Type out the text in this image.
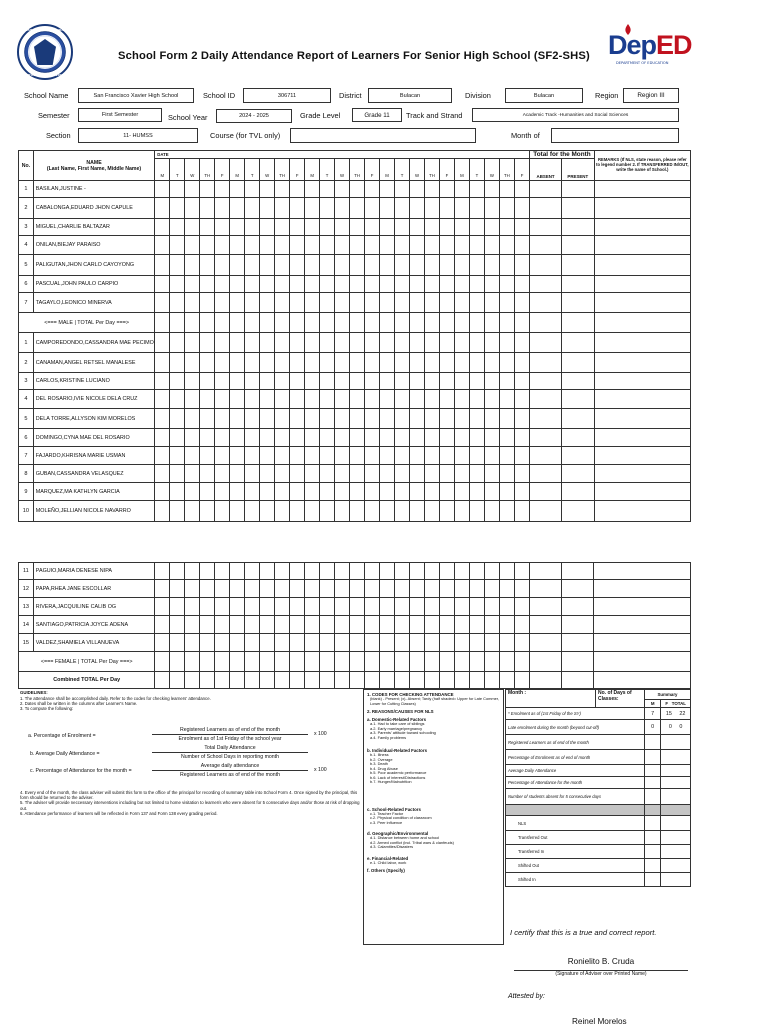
KAGAWARAN NG EDUKASYON
REPUBLIKA NG PILIPINAS
School Form 2 Daily Attendance Report of Learners For Senior High School (SF2-SHS) DepED
DEPARTMENT OF EDUCATION
School Name	San Francisco Xavier High School	School ID	306711	District	Bulacan	Division	Bulacan	Region	Region III
Semester	First Semester	School Year	2024 - 2025	Grade Level	Grade 11	Track and Strand	Academic Track -Humanities and Social Sciences
Section	11- HUMSS	Course (for TVL only)	Month of
No.	NAME
(Last Name, First Name, Middle Name)	DATE																									Total for the Month		REMARKS (If NLS, state reason, please refer to legend number 2. If TRANSFERRED IN/OUT, write the name of School.)
		M	T	W	TH	F	M	T	W	TH	F	M	T	W	TH	F	M	T	W	TH	F	M	T	W	TH	F	ABSENT	PRESENT	
1	BASILAN,JUSTINE -																												
2	CABALONGA,EDUARD JHON CAPULE																												
3	MIGUEL,CHARLIE BALTAZAR																												
4	ONILAN,BIEJAY PARAISO																												
5	PALIGUTAN,JHON CARLO CAYOYONG																												
6	PASCUAL,JOHN PAULO CARPIO																												
7	TAGAYLO,LEONICO MINERVA																												
<=== MALE | TOTAL Per Day ===>																													
1	CAMPOREDONDO,CASSANDRA MAE PECIMO																												
2	CANAMAN,ANGEL RETSEL MANALESE																												
3	CARLOS,KRISTINE LUCIANO																												
4	DEL ROSARIO,IVIE NICOLE DELA CRUZ																												
5	DELA TORRE,ALLYSON KIM MORELOS																												
6	DOMINGO,CYNA MAE DEL ROSARIO																												
7	FAJARDO,KHRISNA MARIE USMAN																												
8	GUBAN,CASSANDRA VELASQUEZ																												
9	MARQUEZ,MA KATHLYN GARCIA																												
10	MOLEÑO,JELLIAN NICOLE NAVARRO																												
11	PAGUIO,MARIA DENESE NIPA																												
12	PAPA,RHEA JANE ESCOLLAR																												
13	RIVERA,JACQUILINE CALIB OG																												
14	SANTIAGO,PATRICIA JOYCE ADENA																												
15	VALDEZ,SHAMIELA VILLANUEVA																												
<=== FEMALE | TOTAL Per Day ===>																													
Combined TOTAL Per Day																													
GUIDELINES:
1. The attendance shall be accomplished daily. Refer to the codes for checking learners' attendance.
2. Dates shall be written in the columns after Learner's Name.
3. To compute the following:
a. Percentage of Enrolment =
Registered Learners as of end of the month
Enrolment as of 1st Friday of the school year
x 100
b. Average Daily Attendance =
Total Daily Attendance
Number of School Days in reporting month
c. Percentage of Attendance for the month =
Average daily attendance
Registered Learners as of end of the month
x 100
4. Every end of the month, the class adviser will submit this form to the office of the principal for recording of summary table into School Form 4. Once signed by the principal, this form should be returned to the adviser.
5. The adviser will provide neccessary interventions including but not limited to home visitation to learner/s who were absent for 5 consecutive days and/or those at risk of dropping out.
6. Attendance performance of learners will be reflected in Form 137 and Form 138 every grading period.
1. CODES FOR CHECKING ATTENDANCE
(blank) - Present; (x)- Absent; Tardy (half shaded= Upper for Late Commer, Lower for Cutting Classes)
2. REASONS/CAUSES FOR NLS
a. Domestic-Related Factors
a.1. Had to take care of siblings
a.2. Early marriage/pregnancy
a.3. Parents' attitude toward schooling
a.4. Family problems
b. Individual-Related Factors
b.1. Illness
b.2. Overage
b.3. Death
b.4. Drug Abuse
b.5. Poor academic performance
b.6. Lack of interest/Distractions
b.7. Hunger/Malnutrition
c. School-Related Factors
c.1. Teacher Factor
c.2. Physical condition of classroom
c.3. Peer influence
d. Geographic/Environmental
d.1. Distance between home and school
d.2. Armed conflict (incl. Tribal wars & clanfeuds)
d.3. Calamities/Disasters
e. Financial-Related
e.1. Child labor, work
f. Others (Specify)
Month :	No. of Days of Classes:	Summary	
		M	F TOTAL
* Enrolment as of (1st Friday of the SY)		7	15 22
Late enrolment during the month (beyond cut-off)		0	0 0
Registered Learners as of end of the month			
Percentage of Enrolment as of end of month			
Average Daily Attendance			
Percentage of Attendance for the month			
Number of students absent for 5 consecutive days			

NLS			
Transferred Out			
Transferred In			
Shifted Out			
Shifted In			
I certify that this is a true and correct report.
Ronielito B. Cruda
(Signature of Adviser over Printed Name)
Attested by:
Reinel Morelos
